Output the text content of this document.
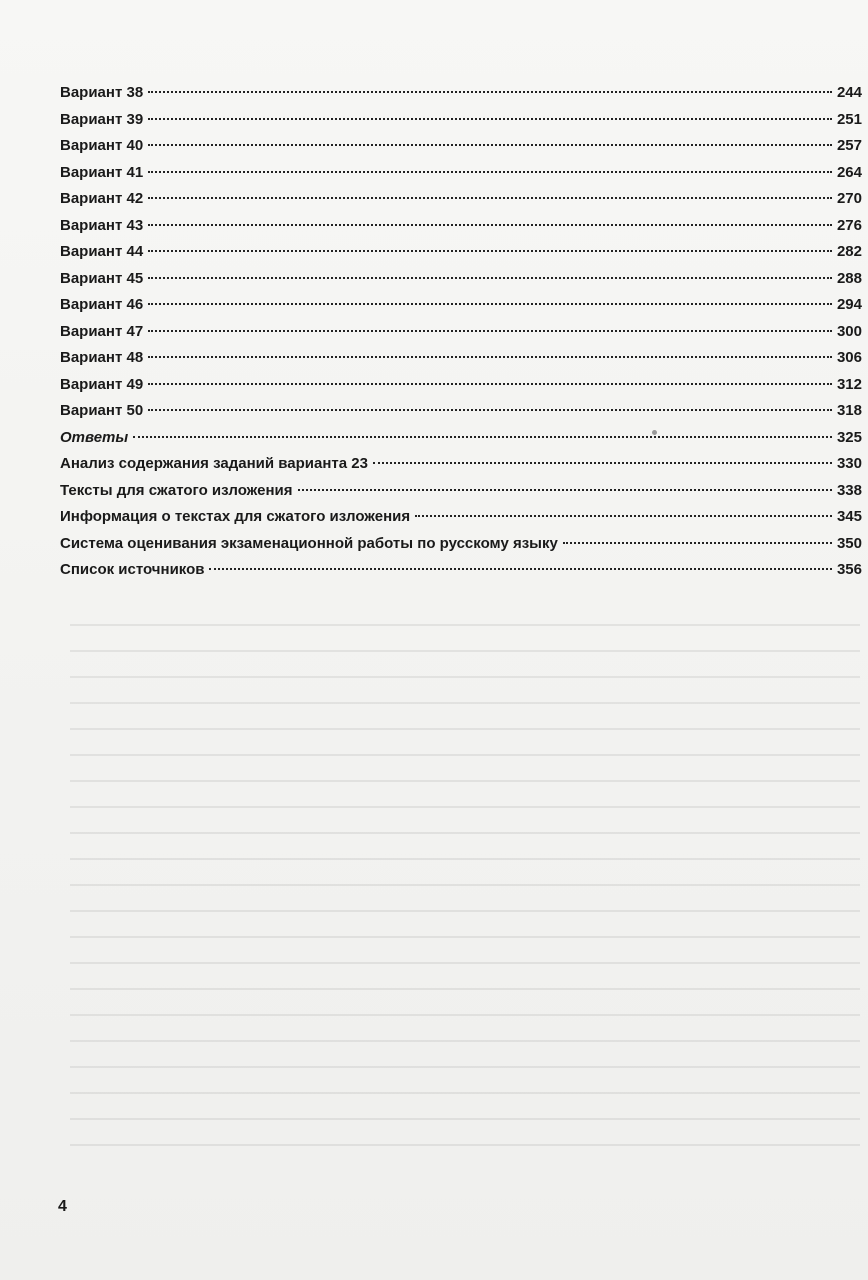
Вариант 38	244
Вариант 39	251
Вариант 40	257
Вариант 41	264
Вариант 42	270
Вариант 43	276
Вариант 44	282
Вариант 45	288
Вариант 46	294
Вариант 47	300
Вариант 48	306
Вариант 49	312
Вариант 50	318
Ответы	325
Анализ содержания заданий варианта 23	330
Тексты для сжатого изложения	338
Информация о текстах для сжатого изложения	345
Система оценивания экзаменационной работы по русскому языку	350
Список источников	356
4
